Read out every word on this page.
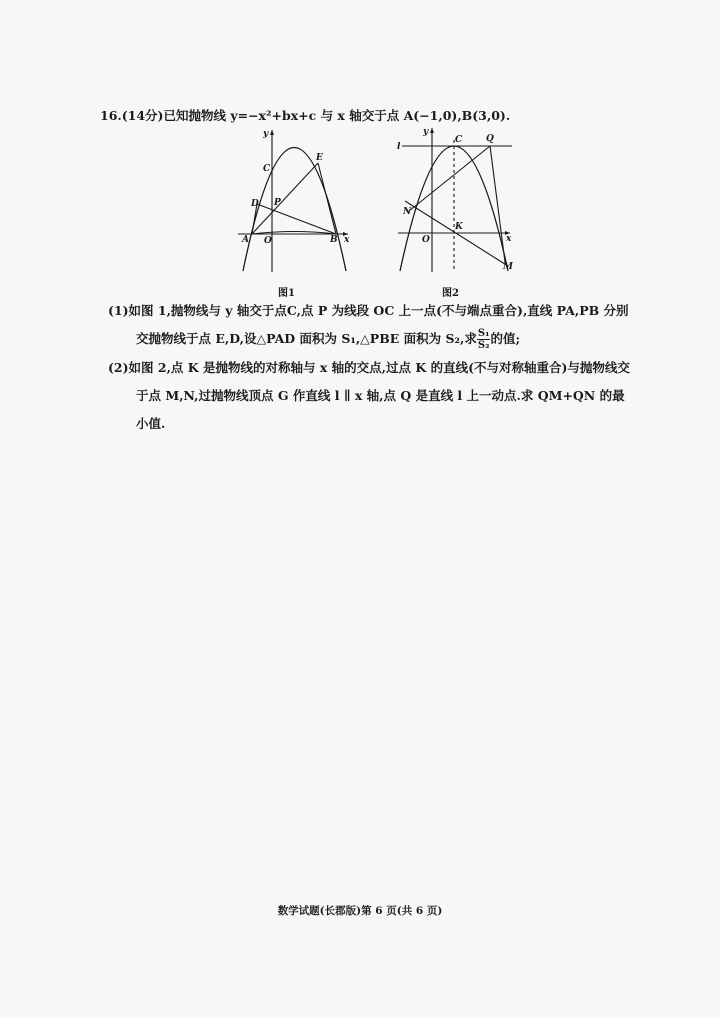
16.(14分)已知抛物线 y=−x²+bx+c 与 x 轴交于点 A(−1,0),B(3,0).
y
x
C
E
D P
A O	B
y
x
l
C	Q
N
K
O
M
图1	图2
(1)如图 1,抛物线与 y 轴交于点C,点 P 为线段 OC 上一点(不与端点重合),直线 PA,PB 分别
交抛物线于点 E,D,设△PAD 面积为 S₁,△PBE 面积为 S₂,求 $\frac{\text{S₁}}{\text{S₂}}$ 的值;
(2)如图 2,点 K 是抛物线的对称轴与 x 轴的交点,过点 K 的直线(不与对称轴重合)与抛物线交
于点 M,N,过抛物线顶点 G 作直线 l ∥ x 轴,点 Q 是直线 l 上一动点.求 QM+QN 的最
小值.
数学试题(长郡版)第 6 页(共 6 页)
